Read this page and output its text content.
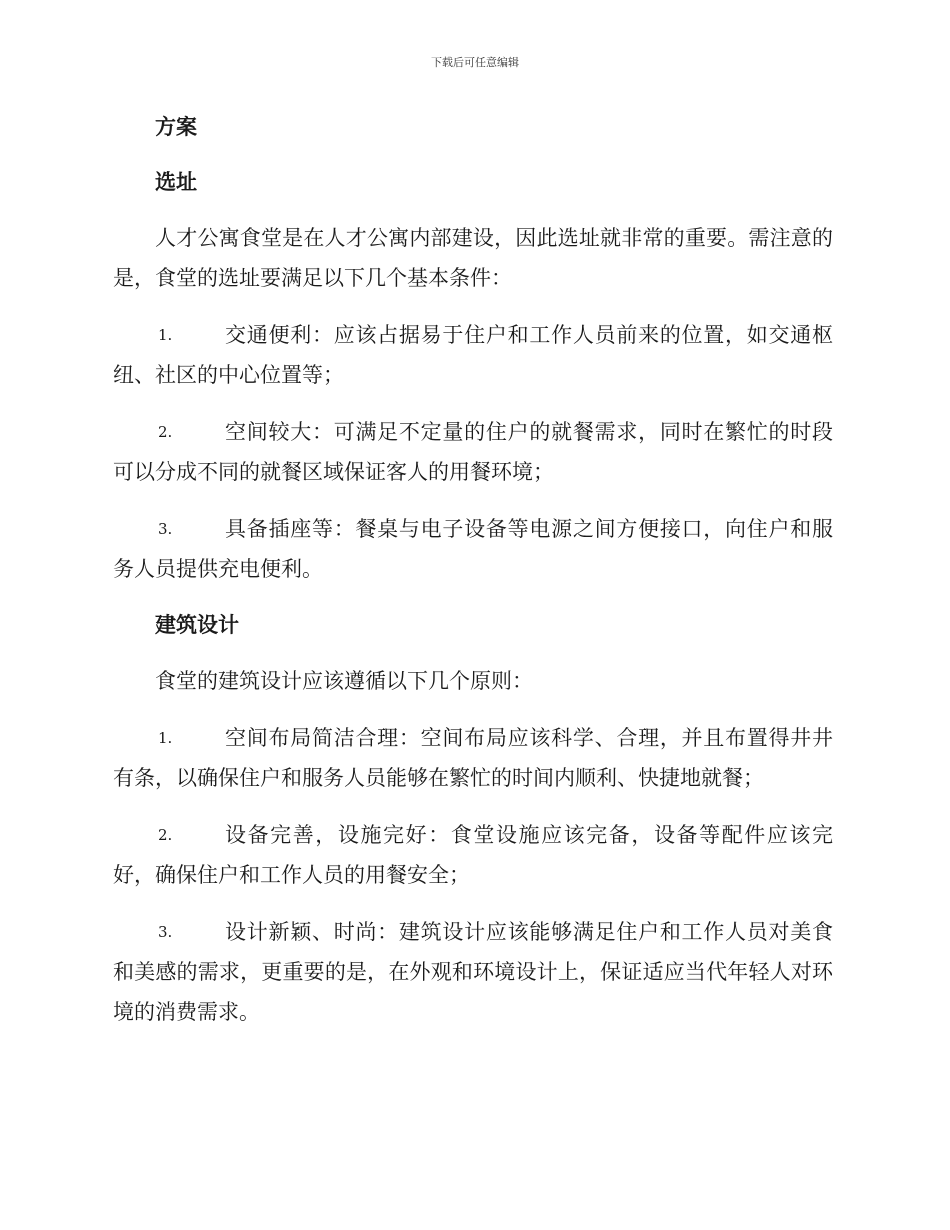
下载后可任意编辑
方案
选址

人才公寓食堂是在人才公寓内部建设，因此选址就非常的重要。需注意的是，食堂的选址要满足以下几个基本条件：

1.	交通便利：应该占据易于住户和工作人员前来的位置，如交通枢纽、社区的中心位置等；

2.	空间较大：可满足不定量的住户的就餐需求，同时在繁忙的时段可以分成不同的就餐区域保证客人的用餐环境；

3.	具备插座等：餐桌与电子设备等电源之间方便接口，向住户和服务人员提供充电便利。

建筑设计

食堂的建筑设计应该遵循以下几个原则：

1.	空间布局简洁合理：空间布局应该科学、合理，并且布置得井井有条，以确保住户和服务人员能够在繁忙的时间内顺利、快捷地就餐；

2.	设备完善，设施完好：食堂设施应该完备，设备等配件应该完好，确保住户和工作人员的用餐安全；

3.	设计新颖、时尚：建筑设计应该能够满足住户和工作人员对美食和美感的需求，更重要的是，在外观和环境设计上，保证适应当代年轻人对环境的消费需求。
